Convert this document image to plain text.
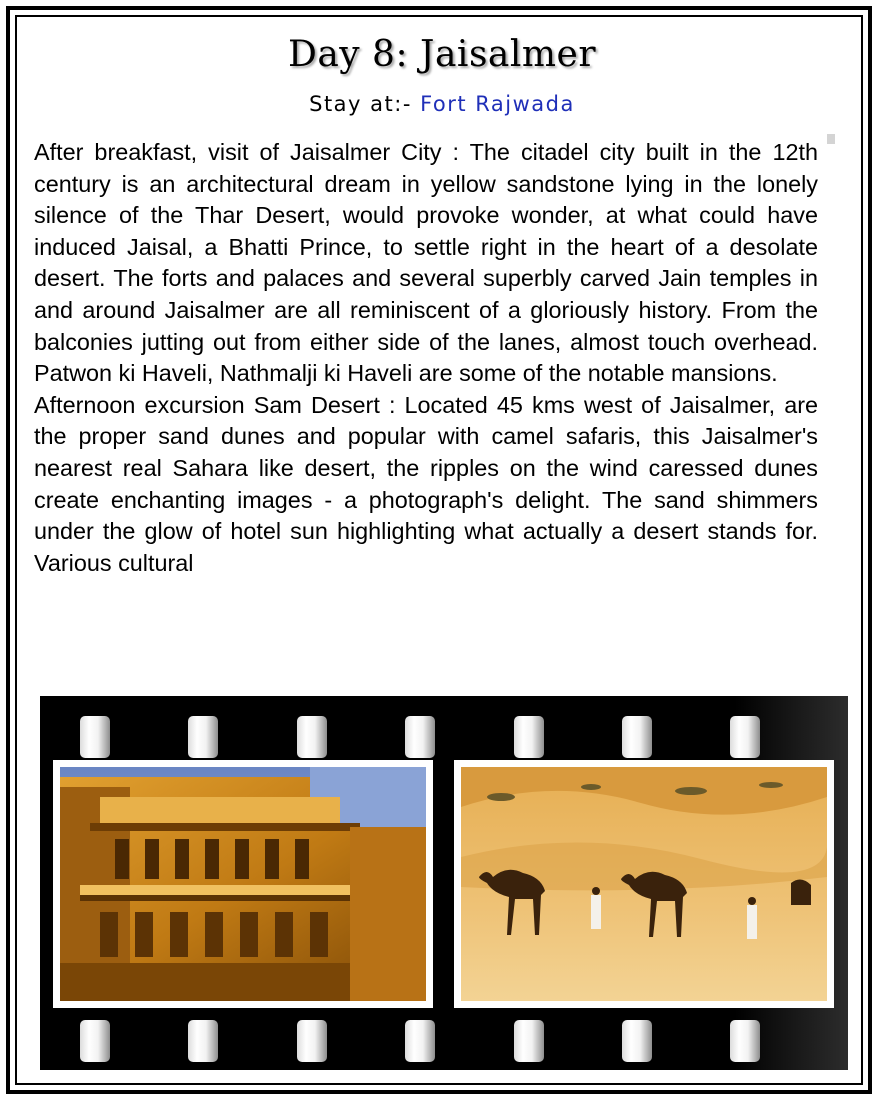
Day 8: Jaisalmer
Stay at:- Fort Rajwada

After breakfast, visit of Jaisalmer City : The citadel city built in the 12th century is an architectural dream in yellow sandstone lying in the lonely silence of the Thar Desert, would provoke wonder, at what could have induced Jaisal, a Bhatti Prince, to settle right in the heart of a desolate desert. The forts and palaces and several superbly carved Jain temples in and around Jaisalmer are all reminiscent of a gloriously history. From the balconies jutting out from either side of the lanes, almost touch overhead. Patwon ki Haveli, Nathmalji ki Haveli are some of the notable mansions.

Afternoon excursion Sam Desert : Located 45 kms west of Jaisalmer, are the proper sand dunes and popular with camel safaris, this Jaisalmer's nearest real Sahara like desert, the ripples on the wind caressed dunes create enchanting images - a photograph's delight. The sand shimmers under the glow of hotel sun highlighting what actually a desert stands for. Various cultural
